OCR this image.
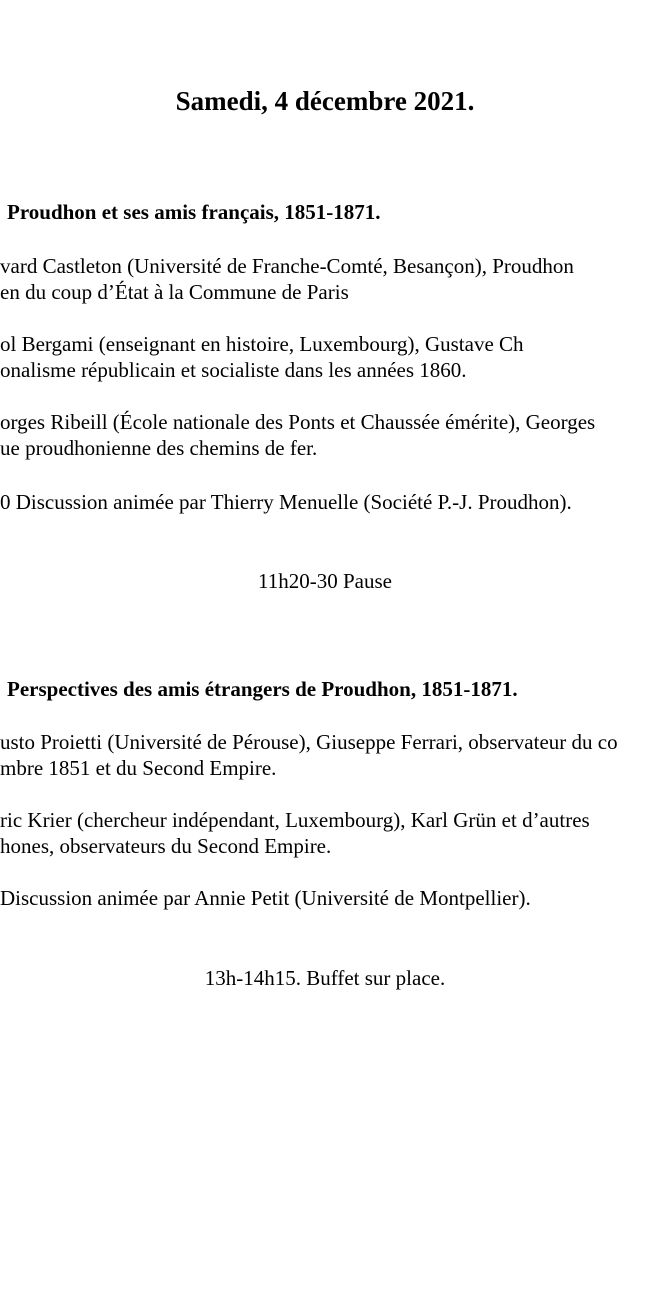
Samedi, 4 décembre 2021.
Proudhon et ses amis français, 1851-1871.
vard Castleton (Université de Franche-Comté, Besançon), Proudhon
en du coup d’État à la Commune de Paris
ol Bergami (enseignant en histoire, Luxembourg), Gustave Ch
onalisme républicain et socialiste dans les années 1860.
orges Ribeill (École nationale des Ponts et Chaussée émérite), Georges
ue proudhonienne des chemins de fer.
0 Discussion animée par Thierry Menuelle (Société P.-J. Proudhon).
11h20-30 Pause
Perspectives des amis étrangers de Proudhon, 1851-1871.
usto Proietti (Université de Pérouse), Giuseppe Ferrari, observateur du co
mbre 1851 et du Second Empire.
ric Krier (chercheur indépendant, Luxembourg), Karl Grün et d’autres
hones, observateurs du Second Empire.
Discussion animée par Annie Petit (Université de Montpellier).
13h-14h15. Buffet sur place.
